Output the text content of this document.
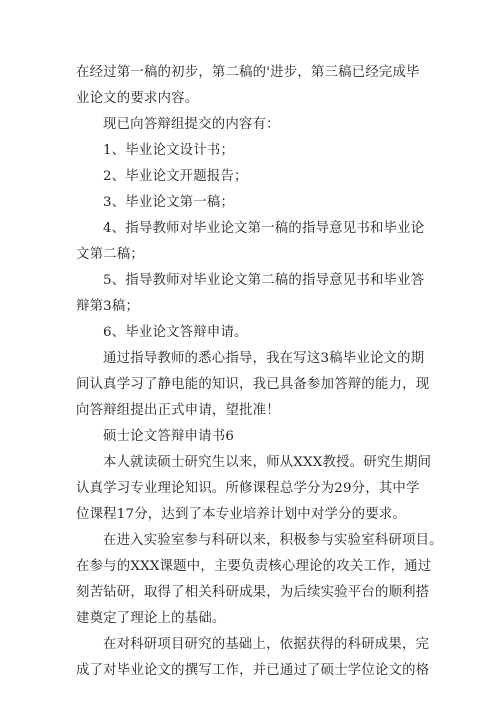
在经过第一稿的初步，第二稿的'进步，第三稿已经完成毕
业论文的要求内容。
现已向答辩组提交的内容有：
1、毕业论文设计书；
2、毕业论文开题报告；
3、毕业论文第一稿；
4、指导教师对毕业论文第一稿的指导意见书和毕业论
文第二稿；
5、指导教师对毕业论文第二稿的指导意见书和毕业答
辩第3稿；
6、毕业论文答辩申请。
通过指导教师的悉心指导，我在写这3稿毕业论文的期
间认真学习了静电能的知识，我已具备参加答辩的能力，现
向答辩组提出正式申请，望批准！
硕士论文答辩申请书6
本人就读硕士研究生以来，师从XXX教授。研究生期间
认真学习专业理论知识。所修课程总学分为29分，其中学
位课程17分，达到了本专业培养计划中对学分的要求。
在进入实验室参与科研以来，积极参与实验室科研项目。
在参与的XXX课题中，主要负责核心理论的攻关工作，通过
刻苦钻研，取得了相关科研成果，为后续实验平台的顺利搭
建奠定了理论上的基础。
在对科研项目研究的基础上，依据获得的科研成果，完
成了对毕业论文的撰写工作，并已通过了硕士学位论文的格
